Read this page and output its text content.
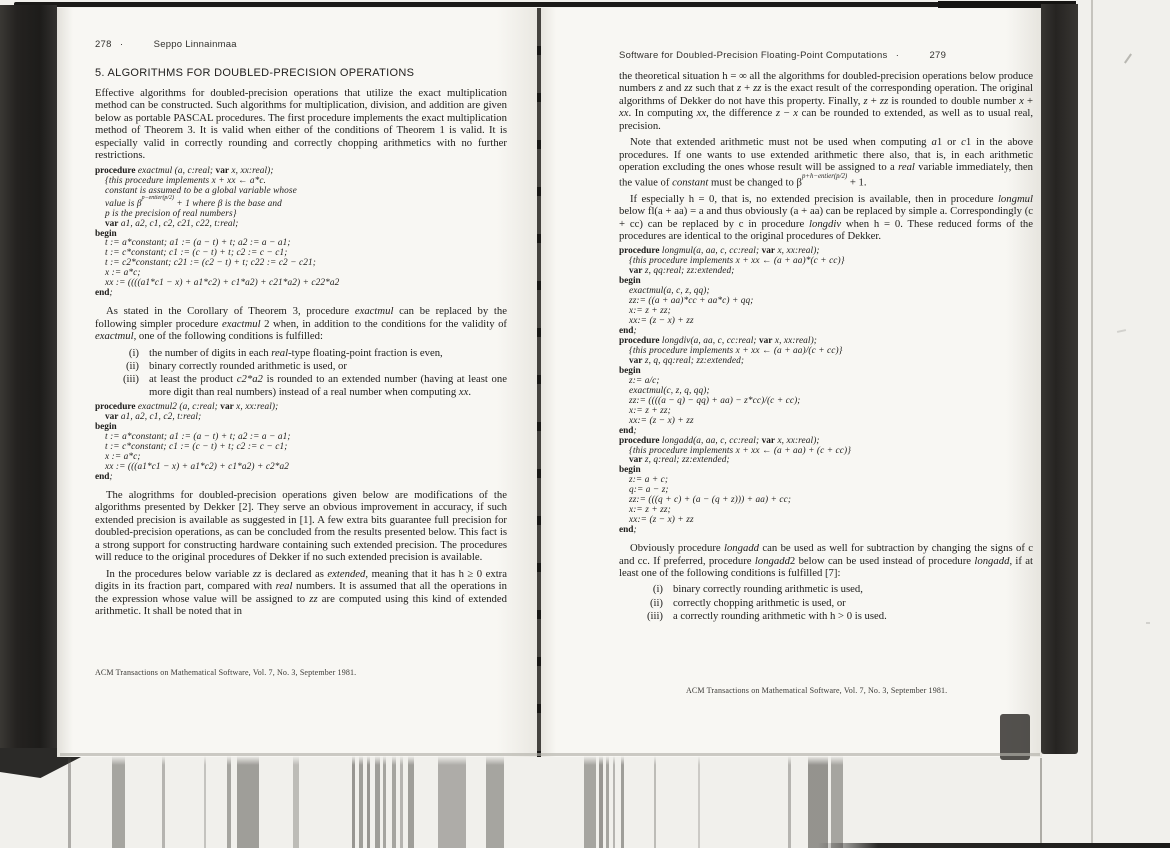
278 ·	Seppo Linnainmaa
5. ALGORITHMS FOR DOUBLED-PRECISION OPERATIONS
Effective algorithms for doubled-precision operations that utilize the exact multiplication method can be constructed. Such algorithms for multiplication, division, and addition are given below as portable PASCAL procedures. The first procedure implements the exact multiplication method of Theorem 3. It is valid when either of the conditions of Theorem 1 is valid. It is especially valid in correctly rounding and correctly chopping arithmetics with no further restrictions.
procedure exactmul (a, c:real; var x, xx:real);
{this procedure implements x + xx ← a*c.
constant is assumed to be a global variable whose
value is $\beta^{p-entier(p/2)} + 1$ where β is the base and
p is the precision of real numbers}
var a1, a2, c1, c2, c21, c22, t:real;
begin
t := a*constant; a1 := (a − t) + t; a2 := a − a1;
t := c*constant; c1 := (c − t) + t; c2 := c − c1;
t := c2*constant; c21 := (c2 − t) + t; c22 := c2 − c21;
x := a*c;
xx := ((((a1*c1 − x) + a1*c2) + c1*a2) + c21*a2) + c22*a2
end;
As stated in the Corollary of Theorem 3, procedure exactmul can be replaced by the following simpler procedure exactmul 2 when, in addition to the conditions for the validity of exactmul, one of the following conditions is fulfilled:
(i) the number of digits in each real-type floating-point fraction is even,
(ii) binary correctly rounded arithmetic is used, or
(iii) at least the product c2*a2 is rounded to an extended number (having at least one more digit than real numbers) instead of a real number when computing xx.
procedure exactmul2 (a, c:real; var x, xx:real);
var a1, a2, c1, c2, t:real;
begin
t := a*constant; a1 := (a − t) + t; a2 := a − a1;
t := c*constant; c1 := (c − t) + t; c2 := c − c1;
x := a*c;
xx := (((a1*c1 − x) + a1*c2) + c1*a2) + c2*a2
end;
The alogrithms for doubled-precision operations given below are modifications of the algorithms presented by Dekker [2]. They serve an obvious improvement in accuracy, if such extended precision is available as suggested in [1]. A few extra bits guarantee full precision for doubled-precision operations, as can be concluded from the results presented below. This fact is a strong support for constructing hardware containing such extended precision. The procedures will reduce to the original procedures of Dekker if no such extended precision is available.
In the procedures below variable zz is declared as extended, meaning that it has h ≥ 0 extra digits in its fraction part, compared with real numbers. It is assumed that all the operations in the expression whose value will be assigned to zz are computed using this kind of extended arithmetic. It shall be noted that in
ACM Transactions on Mathematical Software, Vol. 7, No. 3, September 1981.
Software for Doubled-Precision Floating-Point Computations ·	279
the theoretical situation h = ∞ all the algorithms for doubled-precision operations below produce numbers z and zz such that z + zz is the exact result of the corresponding operation. The original algorithms of Dekker do not have this property. Finally, z + zz is rounded to double number x + xx. In computing xx, the difference z − x can be rounded to extended, as well as to usual real, precision.
Note that extended arithmetic must not be used when computing a1 or c1 in the above procedures. If one wants to use extended arithmetic there also, that is, in each arithmetic operation excluding the ones whose result will be assigned to a real variable immediately, then the value of constant must be changed to $\beta^{p+h-entier(p/2)} + 1$.
If especially h = 0, that is, no extended precision is available, then in procedure longmul below fl(a + aa) = a and thus obviously (a + aa) can be replaced by simple a. Correspondingly (c + cc) can be replaced by c in procedure longdiv when h = 0. These reduced forms of the procedures are identical to the original procedures of Dekker.
procedure longmul(a, aa, c, cc:real; var x, xx:real);
{this procedure implements x + xx ← (a + aa)*(c + cc)}
var z, qq:real; zz:extended;
begin
exactmul(a, c, z, qq);
zz:= ((a + aa)*cc + aa*c) + qq;
x:= z + zz;
xx:= (z − x) + zz
end;
procedure longdiv(a, aa, c, cc:real; var x, xx:real);
{this procedure implements x + xx ← (a + aa)/(c + cc)}
var z, q, qq:real; zz:extended;
begin
z:= a/c;
exactmul(c, z, q, qq);
zz:= ((((a − q) − qq) + aa) − z*cc)/(c + cc);
x:= z + zz;
xx:= (z − x) + zz
end;
procedure longadd(a, aa, c, cc:real; var x, xx:real);
{this procedure implements x + xx ← (a + aa) + (c + cc)}
var z, q:real; zz:extended;
begin
z:= a + c;
q:= a − z;
zz:= (((q + c) + (a − (q + z))) + aa) + cc;
x:= z + zz;
xx:= (z − x) + zz
end;
Obviously procedure longadd can be used as well for subtraction by changing the signs of c and cc. If preferred, procedure longadd2 below can be used instead of procedure longadd, if at least one of the following conditions is fulfilled [7]:
(i) binary correctly rounding arithmetic is used,
(ii) correctly chopping arithmetic is used, or
(iii) a correctly rounding arithmetic with h > 0 is used.
ACM Transactions on Mathematical Software, Vol. 7, No. 3, September 1981.
